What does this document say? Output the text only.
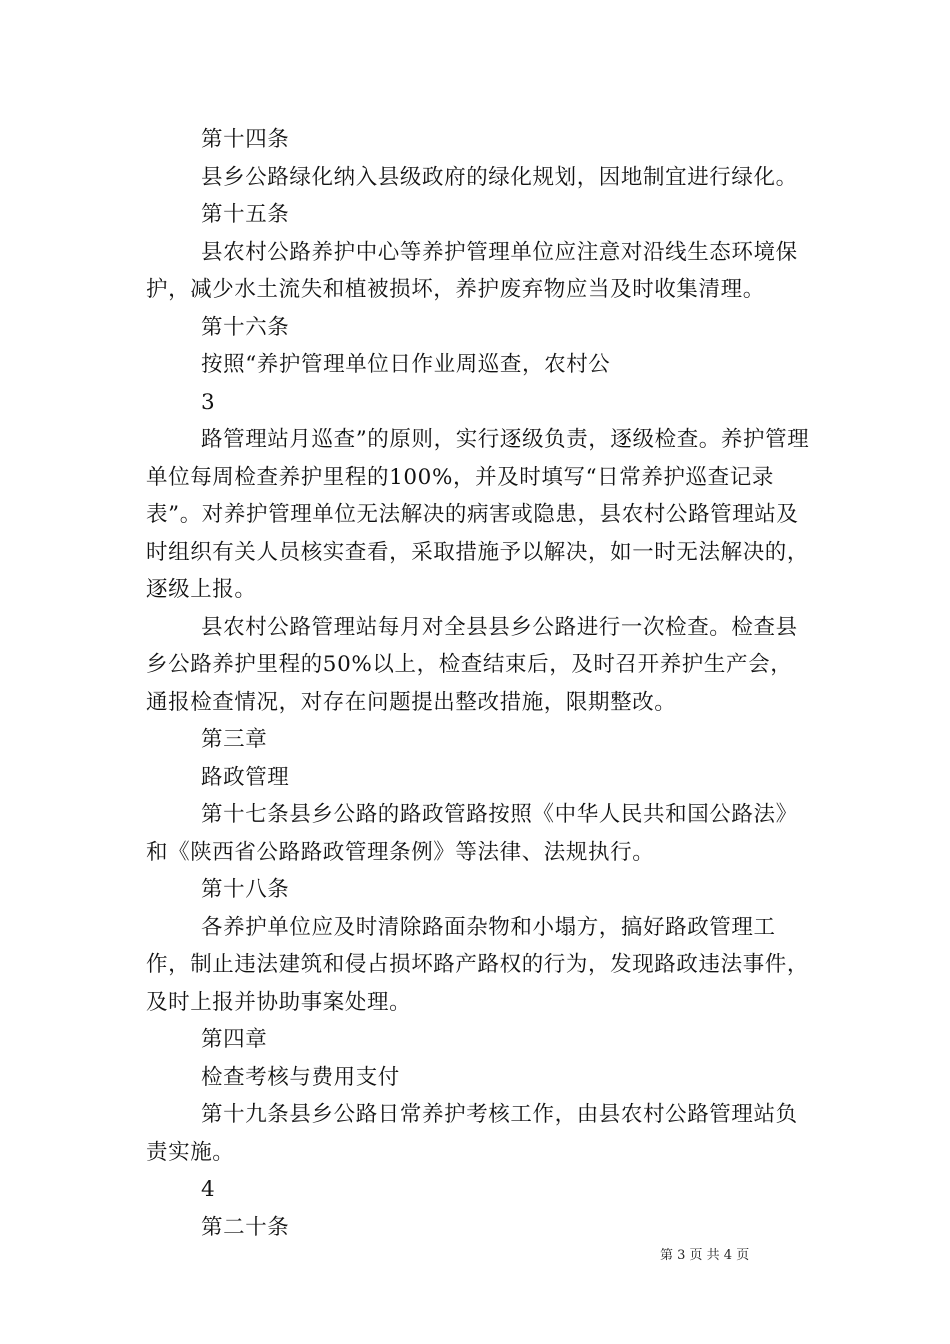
第十四条

县乡公路绿化纳入县级政府的绿化规划，因地制宜进行绿化。

第十五条

县农村公路养护中心等养护管理单位应注意对沿线生态环境保护，减少水土流失和植被损坏，养护废弃物应当及时收集清理。

第十六条

按照“养护管理单位日作业周巡查，农村公

3

路管理站月巡查”的原则，实行逐级负责，逐级检查。养护管理单位每周检查养护里程的100%，并及时填写“日常养护巡查记录表”。对养护管理单位无法解决的病害或隐患，县农村公路管理站及时组织有关人员核实查看，采取措施予以解决，如一时无法解决的，逐级上报。

县农村公路管理站每月对全县县乡公路进行一次检查。检查县乡公路养护里程的50%以上，检查结束后，及时召开养护生产会，通报检查情况，对存在问题提出整改措施，限期整改。

第三章

路政管理

第十七条县乡公路的路政管路按照《中华人民共和国公路法》和《陕西省公路路政管理条例》等法律、法规执行。

第十八条

各养护单位应及时清除路面杂物和小塌方，搞好路政管理工作，制止违法建筑和侵占损坏路产路权的行为，发现路政违法事件，及时上报并协助事案处理。

第四章

检查考核与费用支付

第十九条县乡公路日常养护考核工作，由县农村公路管理站负责实施。

4

第二十条

第 3 页 共 4 页
